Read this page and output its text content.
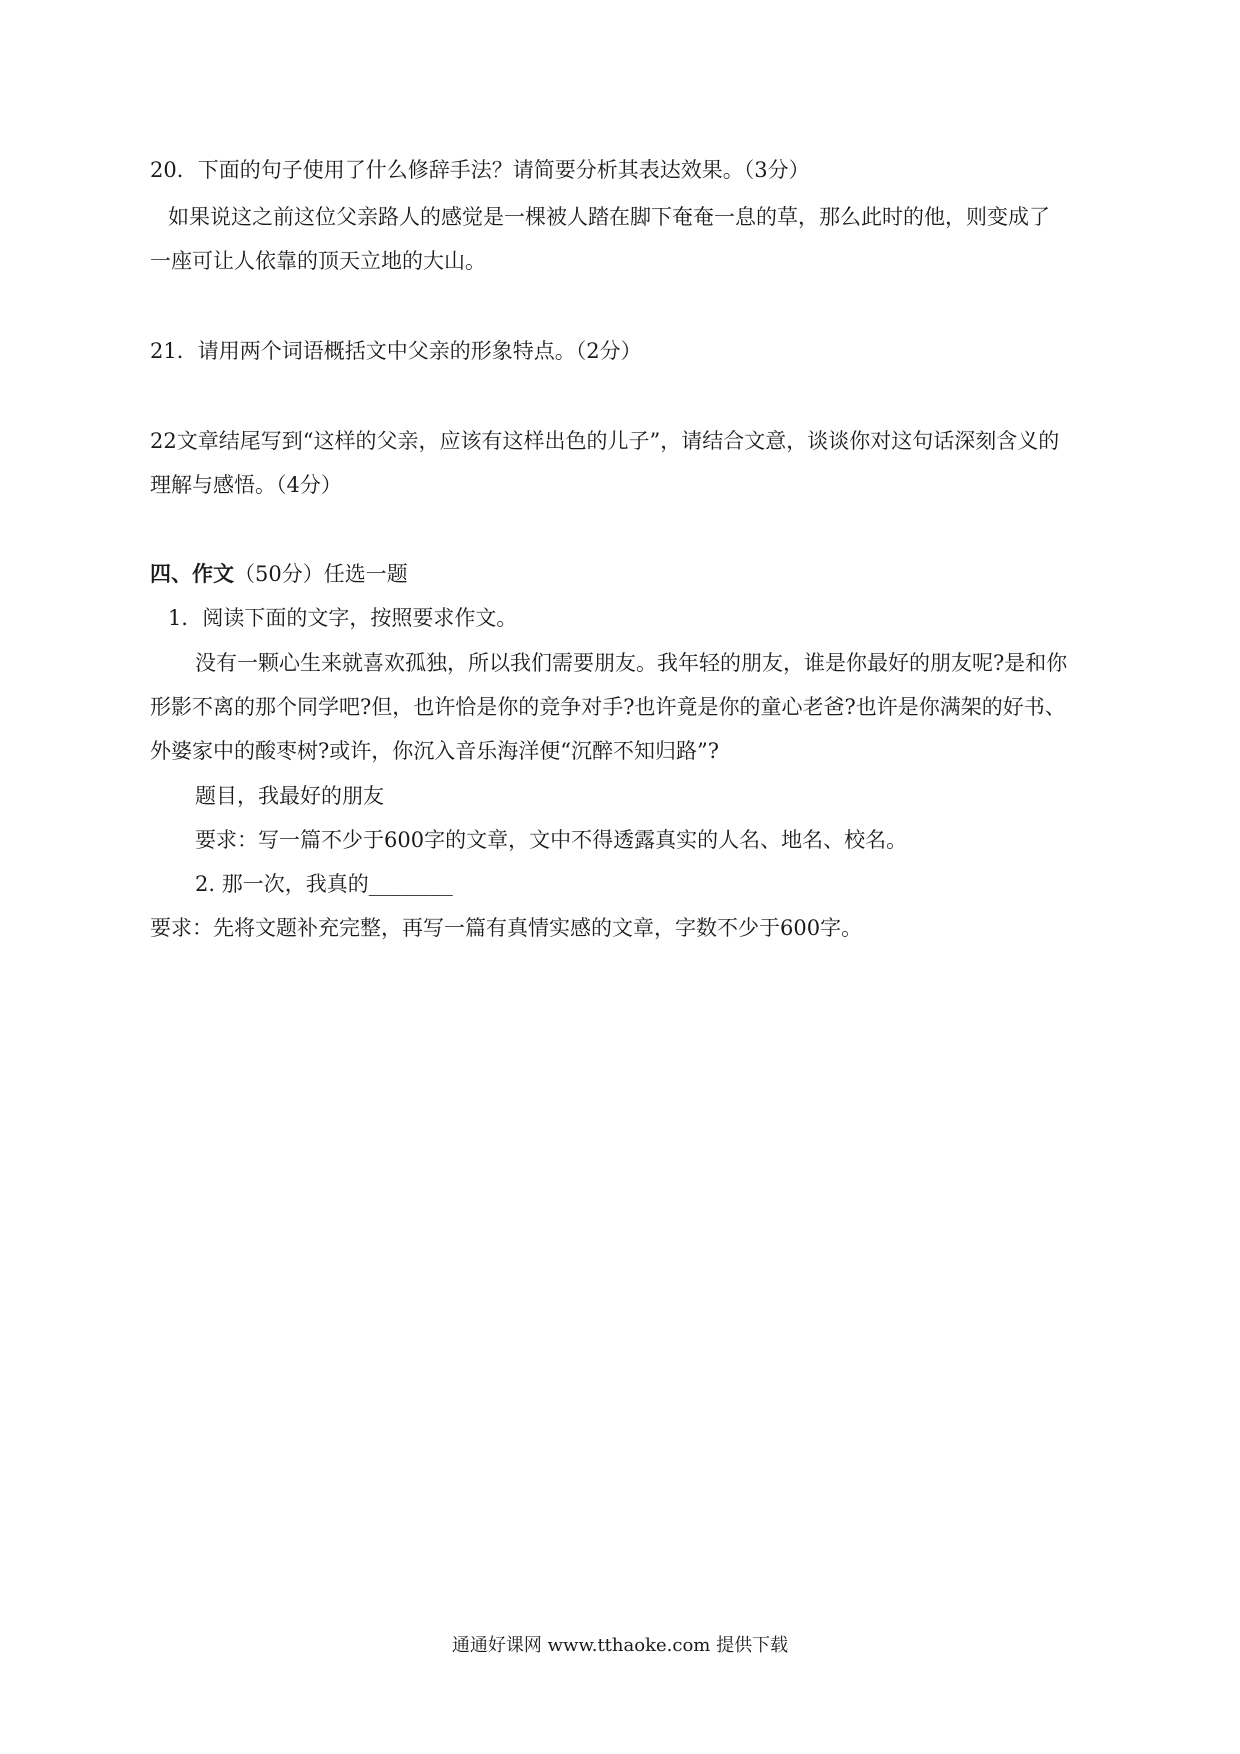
20．下面的句子使用了什么修辞手法？请简要分析其表达效果。（3分）
如果说这之前这位父亲路人的感觉是一棵被人踏在脚下奄奄一息的草，那么此时的他，则变成了
一座可让人依靠的顶天立地的大山。
21．请用两个词语概括文中父亲的形象特点。（2分）
22文章结尾写到“这样的父亲，应该有这样出色的儿子”，请结合文意，谈谈你对这句话深刻含义的
理解与感悟。（4分）
四、作文（50分）任选一题
1．阅读下面的文字，按照要求作文。
没有一颗心生来就喜欢孤独，所以我们需要朋友。我年轻的朋友，谁是你最好的朋友呢?是和你
形影不离的那个同学吧?但，也许恰是你的竞争对手?也许竟是你的童心老爸?也许是你满架的好书、
外婆家中的酸枣树?或许，你沉入音乐海洋便“沉醉不知归路”?
题目，我最好的朋友
要求：写一篇不少于600字的文章，文中不得透露真实的人名、地名、校名。
2. 那一次，我真的________
要求：先将文题补充完整，再写一篇有真情实感的文章，字数不少于600字。
通通好课网 www.tthaoke.com 提供下载
